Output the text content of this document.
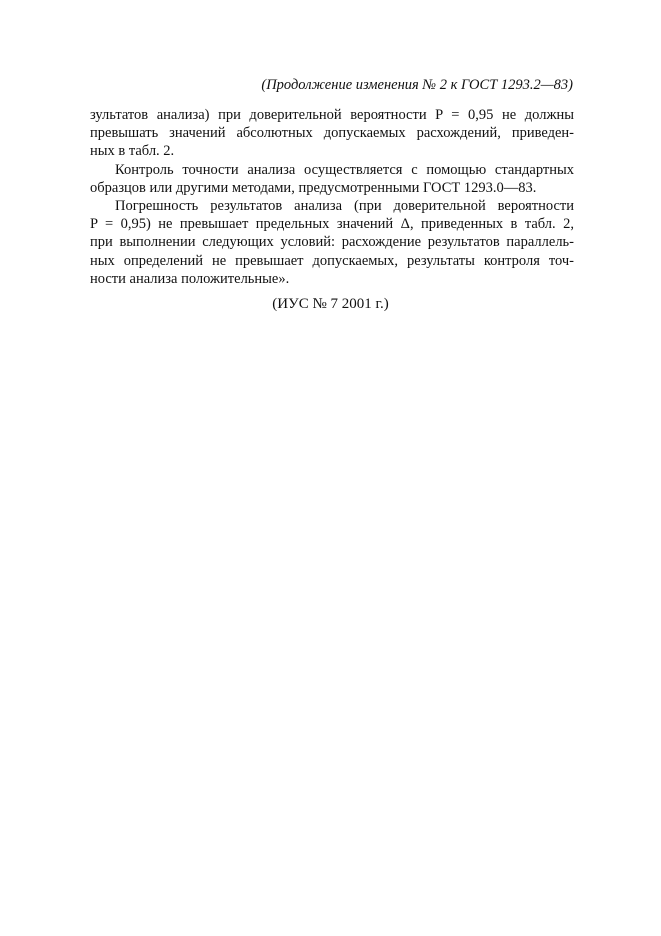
(Продолжение изменения № 2 к ГОСТ 1293.2—83)
зультатов анализа) при доверительной вероятности P = 0,95 не должны
превышать значений абсолютных допускаемых расхождений, приведен-
ных в табл. 2.
Контроль точности анализа осуществляется с помощью стандартных
образцов или другими методами, предусмотренными ГОСТ 1293.0—83.
Погрешность результатов анализа (при доверительной вероятности
P = 0,95) не превышает предельных значений Δ, приведенных в табл. 2,
при выполнении следующих условий: расхождение результатов параллель-
ных определений не превышает допускаемых, результаты контроля точ-
ности анализа положительные».
(ИУС № 7 2001 г.)
